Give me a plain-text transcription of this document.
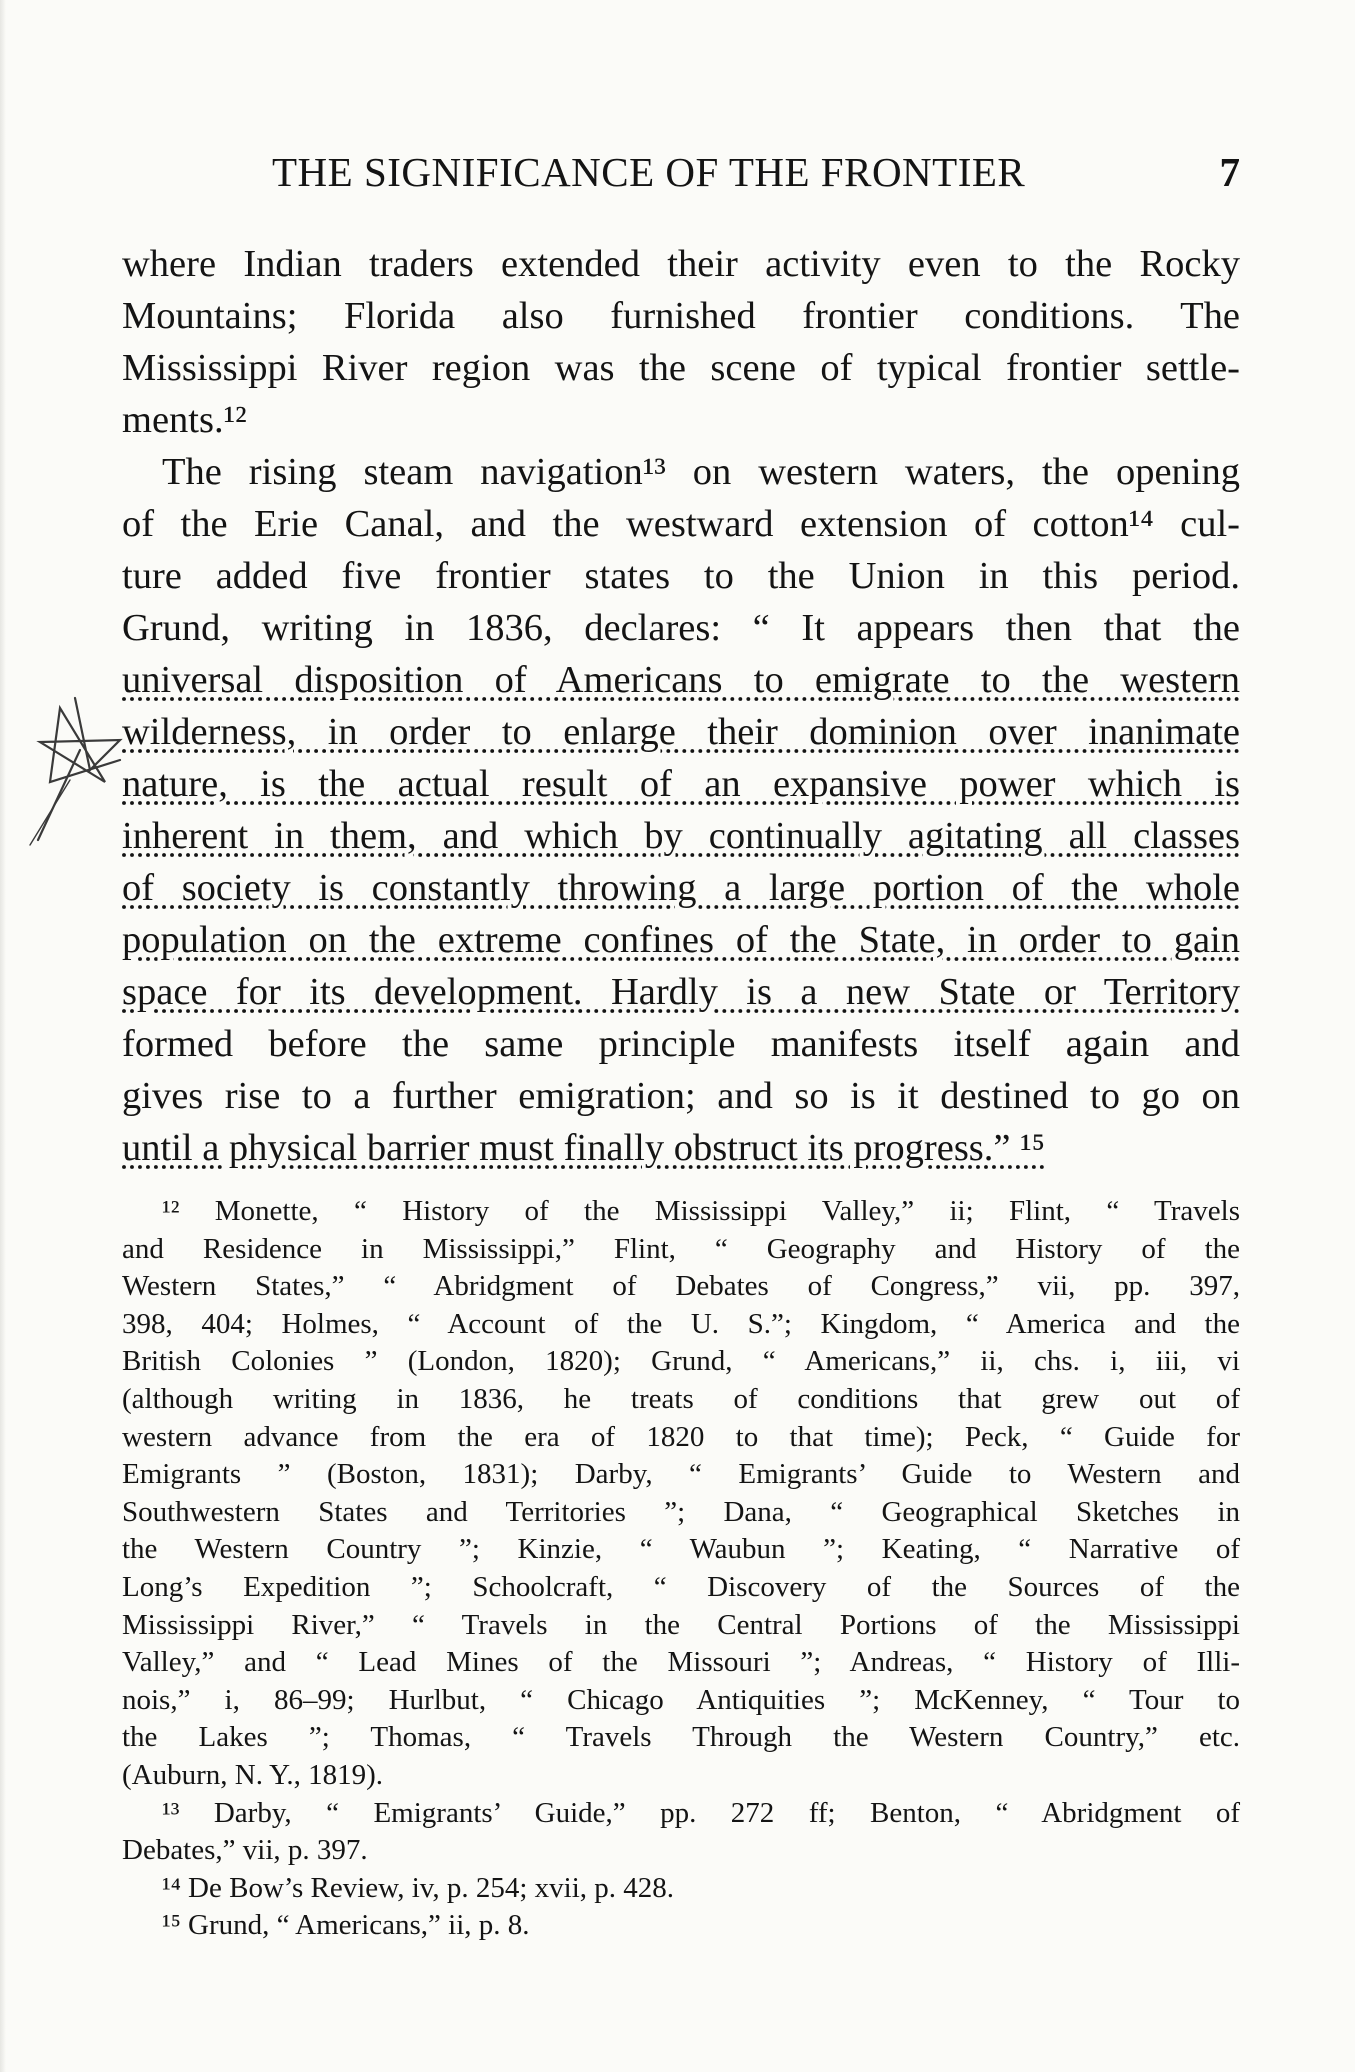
THE SIGNIFICANCE OF THE FRONTIER	7
where Indian traders extended their activity even to the Rocky
Mountains; Florida also furnished frontier conditions. The
Mississippi River region was the scene of typical frontier settle-
ments.¹²
The rising steam navigation¹³ on western waters, the opening
of the Erie Canal, and the westward extension of cotton¹⁴ cul-
ture added five frontier states to the Union in this period.
Grund, writing in 1836, declares: “ It appears then that the
universal disposition of Americans to emigrate to the western
wilderness, in order to enlarge their dominion over inanimate
nature, is the actual result of an expansive power which is
inherent in them, and which by continually agitating all classes
of society is constantly throwing a large portion of the whole
population on the extreme confines of the State, in order to gain
space for its development. Hardly is a new State or Territory
formed before the same principle manifests itself again and
gives rise to a further emigration; and so is it destined to go on
until a physical barrier must finally obstruct its progress.” ¹⁵
¹² Monette, “ History of the Mississippi Valley,” ii; Flint, “ Travels
and Residence in Mississippi,” Flint, “ Geography and History of the
Western States,” “ Abridgment of Debates of Congress,” vii, pp. 397,
398, 404; Holmes, “ Account of the U. S.”; Kingdom, “ America and the
British Colonies ” (London, 1820); Grund, “ Americans,” ii, chs. i, iii, vi
(although writing in 1836, he treats of conditions that grew out of
western advance from the era of 1820 to that time); Peck, “ Guide for
Emigrants ” (Boston, 1831); Darby, “ Emigrants’ Guide to Western and
Southwestern States and Territories ”; Dana, “ Geographical Sketches in
the Western Country ”; Kinzie, “ Waubun ”; Keating, “ Narrative of
Long’s Expedition ”; Schoolcraft, “ Discovery of the Sources of the
Mississippi River,” “ Travels in the Central Portions of the Mississippi
Valley,” and “ Lead Mines of the Missouri ”; Andreas, “ History of Illi-
nois,” i, 86–99; Hurlbut, “ Chicago Antiquities ”; McKenney, “ Tour to
the Lakes ”; Thomas, “ Travels Through the Western Country,” etc.
(Auburn, N. Y., 1819).
¹³ Darby, “ Emigrants’ Guide,” pp. 272 ff; Benton, “ Abridgment of
Debates,” vii, p. 397.
¹⁴ De Bow’s Review, iv, p. 254; xvii, p. 428.
¹⁵ Grund, “ Americans,” ii, p. 8.
